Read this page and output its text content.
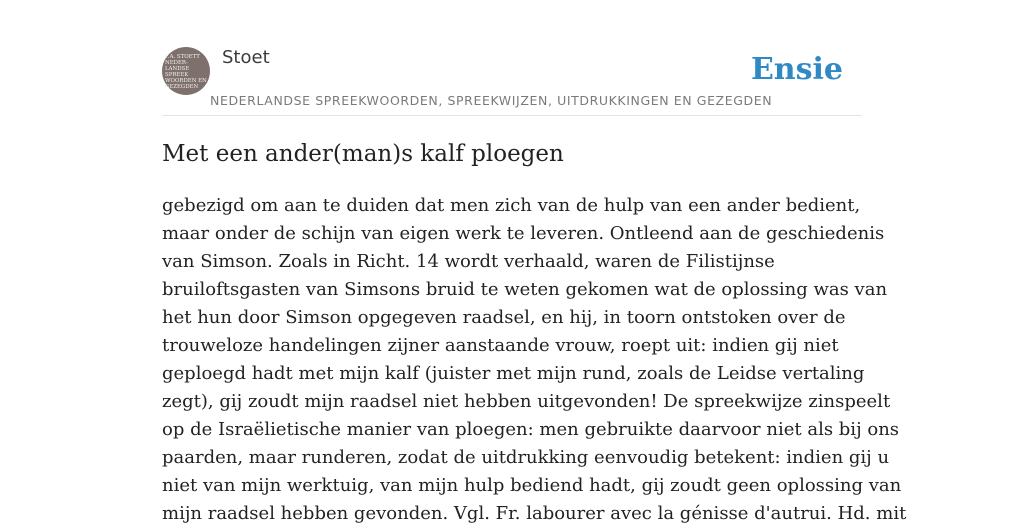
F.A. STOETT
NEDER-
LANDSE
SPREEK
WOORDEN EN
GEZEGDEN
Stoet
NEDERLANDSE SPREEKWOORDEN, SPREEKWIJZEN, UITDRUKKINGEN EN GEZEGDEN
Ensie
Met een ander(man)s kalf ploegen

gebezigd om aan te duiden dat men zich van de hulp van een ander bedient,
maar onder de schijn van eigen werk te leveren. Ontleend aan de geschiedenis
van Simson. Zoals in Richt. 14 wordt verhaald, waren de Filistijnse
bruiloftsgasten van Simsons bruid te weten gekomen wat de oplossing was van
het hun door Simson opgegeven raadsel, en hij, in toorn ontstoken over de
trouweloze handelingen zijner aanstaande vrouw, roept uit: indien gij niet
geploegd hadt met mijn kalf (juister met mijn rund, zoals de Leidse vertaling
zegt), gij zoudt mijn raadsel niet hebben uitgevonden! De spreekwijze zinspeelt
op de Israëlietische manier van ploegen: men gebruikte daarvoor niet als bij ons
paarden, maar runderen, zodat de uitdrukking eenvoudig betekent: indien gij u
niet van mijn werktuig, van mijn hulp bediend hadt, gij zoudt geen oplossing van
mijn raadsel hebben gevonden. Vgl. Fr. labourer avec la génisse d'autrui. Hd. mit
